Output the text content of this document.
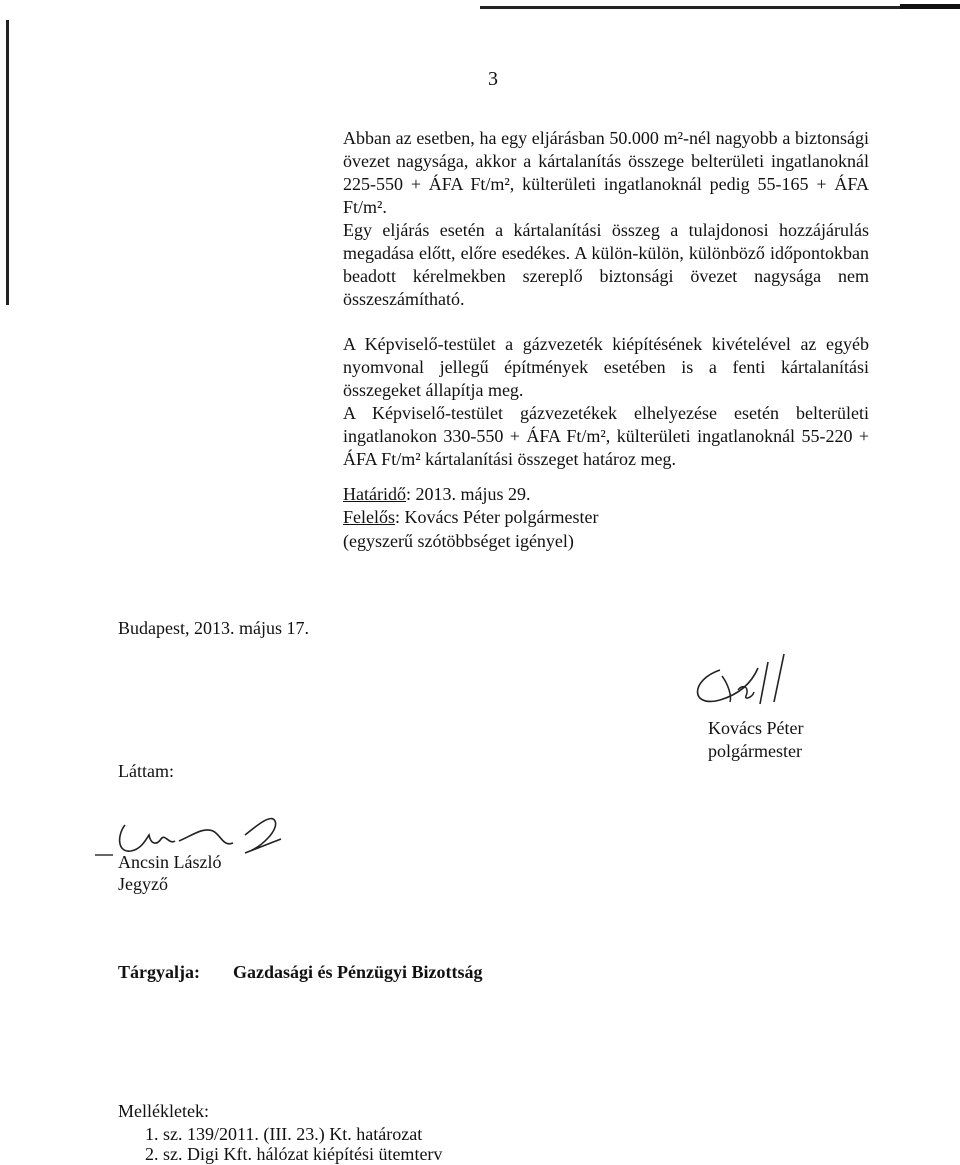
3

Abban az esetben, ha egy eljárásban 50.000 m²-nél nagyobb a biztonsági övezet nagysága, akkor a kártalanítás összege belterületi ingatlanoknál 225-550 + ÁFA Ft/m², külterületi ingatlanoknál pedig 55-165 + ÁFA Ft/m².

Egy eljárás esetén a kártalanítási összeg a tulajdonosi hozzájárulás megadása előtt, előre esedékes. A külön-külön, különböző időpontokban beadott kérelmekben szereplő biztonsági övezet nagysága nem összeszámítható.

A Képviselő-testület a gázvezeték kiépítésének kivételével az egyéb nyomvonal jellegű építmények esetében is a fenti kártalanítási összegeket állapítja meg.

A Képviselő-testület gázvezetékek elhelyezése esetén belterületi ingatlanokon 330-550 + ÁFA Ft/m², külterületi ingatlanoknál 55-220 + ÁFA Ft/m² kártalanítási összeget határoz meg.

Határidő: 2013. május 29.
Felelős: Kovács Péter polgármester
(egyszerű szótöbbséget igényel)
Budapest, 2013. május 17.
Kovács Péter
polgármester
Láttam:
Ancsin László
Jegyző
Tárgyalja: Gazdasági és Pénzügyi Bizottság
Mellékletek:
1. sz. 139/2011. (III. 23.) Kt. határozat
2. sz. Digi Kft. hálózat kiépítési ütemterv
